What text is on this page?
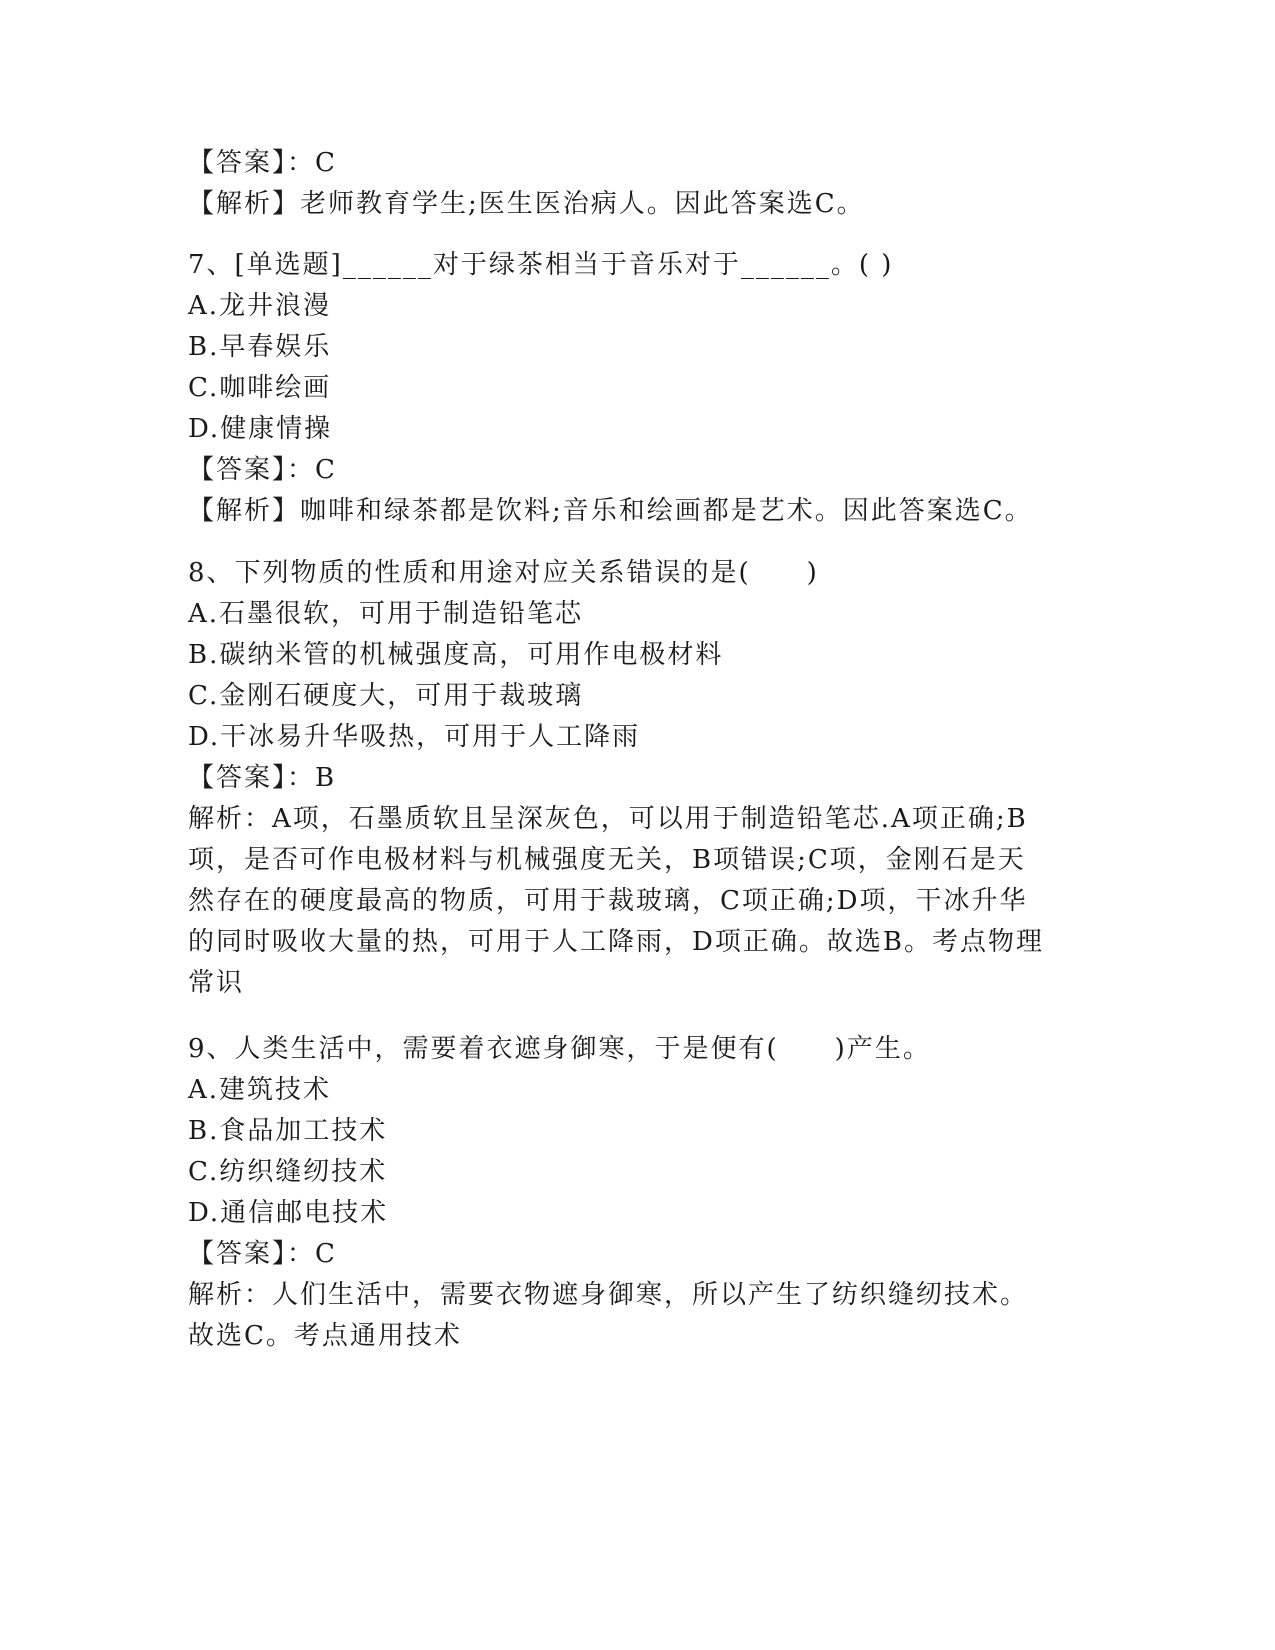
【答案】：C
【解析】老师教育学生;医生医治病人。因此答案选C。
7、[单选题]______对于绿茶相当于音乐对于______。( )
A.龙井浪漫
B.早春娱乐
C.咖啡绘画
D.健康情操
【答案】：C
【解析】咖啡和绿茶都是饮料;音乐和绘画都是艺术。因此答案选C。
8、下列物质的性质和用途对应关系错误的是(　　)
A.石墨很软，可用于制造铅笔芯
B.碳纳米管的机械强度高，可用作电极材料
C.金刚石硬度大，可用于裁玻璃
D.干冰易升华吸热，可用于人工降雨
【答案】：B
解析：A项，石墨质软且呈深灰色，可以用于制造铅笔芯.A项正确;B
项，是否可作电极材料与机械强度无关，B项错误;C项，金刚石是天
然存在的硬度最高的物质，可用于裁玻璃，C项正确;D项，干冰升华
的同时吸收大量的热，可用于人工降雨，D项正确。故选B。考点物理
常识
9、人类生活中，需要着衣遮身御寒，于是便有(　　)产生。
A.建筑技术
B.食品加工技术
C.纺织缝纫技术
D.通信邮电技术
【答案】：C
解析：人们生活中，需要衣物遮身御寒，所以产生了纺织缝纫技术。
故选C。考点通用技术
